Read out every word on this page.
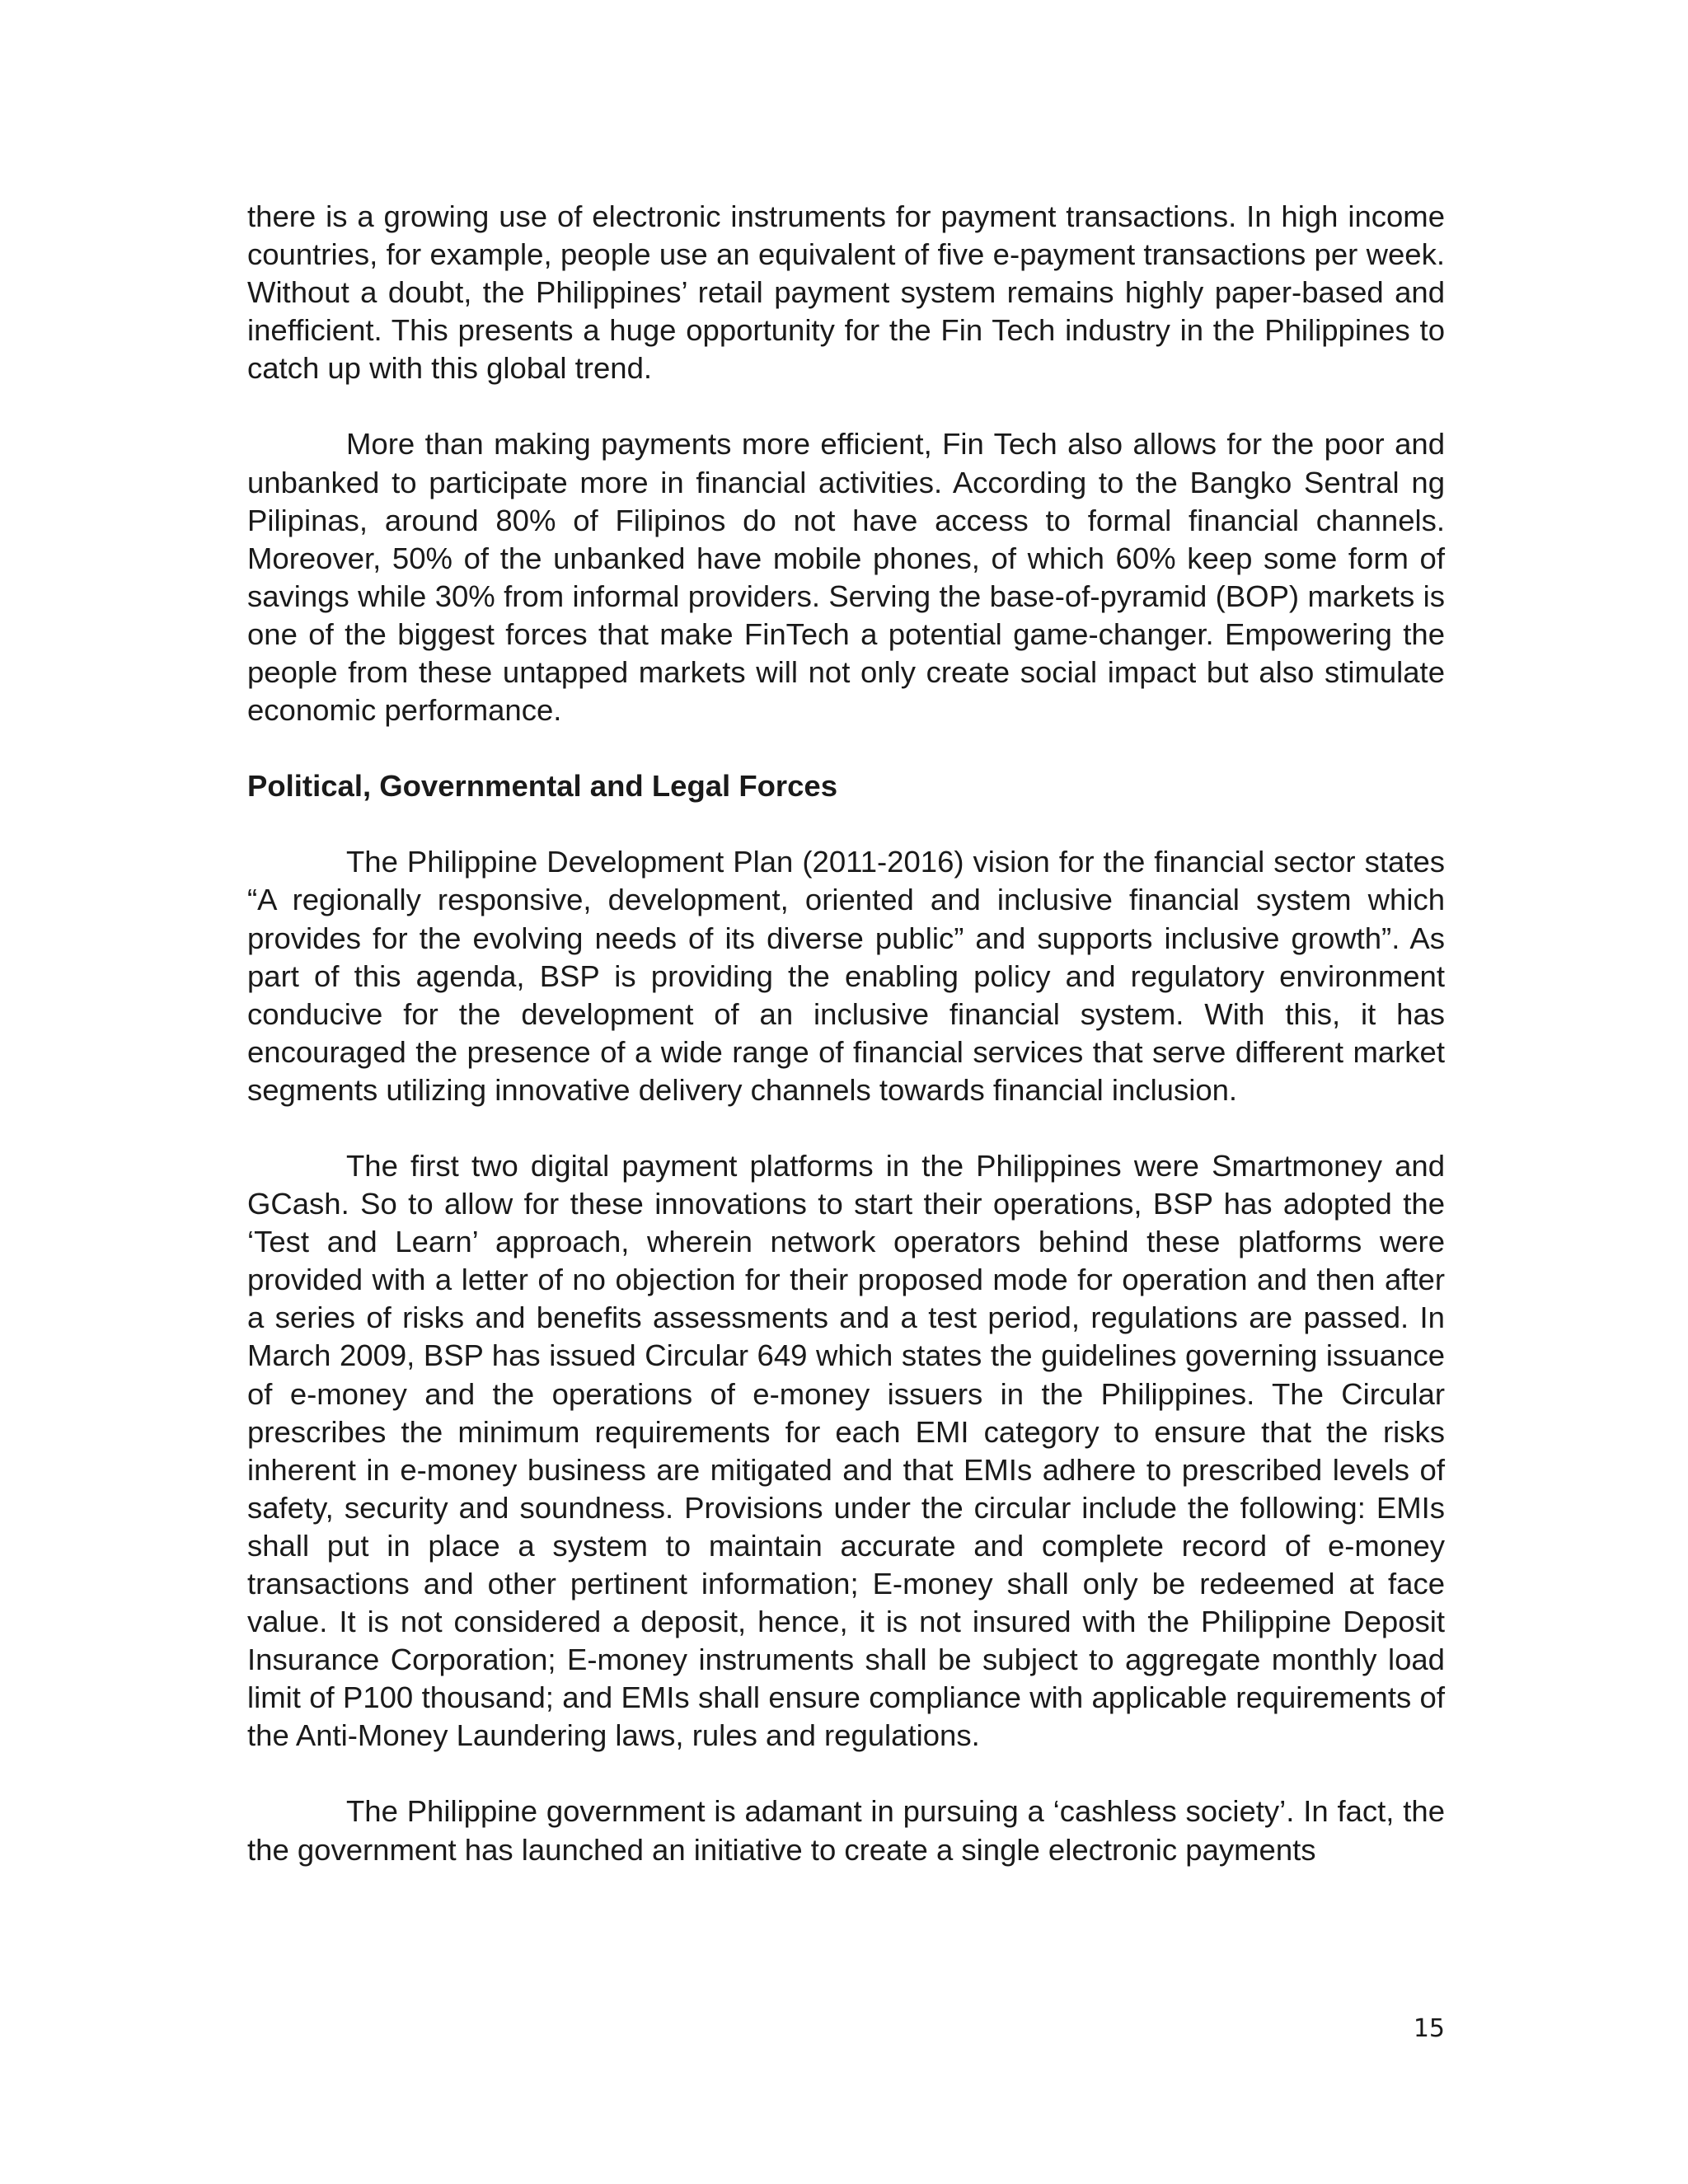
there is a growing use of electronic instruments for payment transactions. In high income countries, for example, people use an equivalent of five e-payment transactions per week. Without a doubt, the Philippines’ retail payment system remains highly paper-based and inefficient. This presents a huge opportunity for the Fin Tech industry in the Philippines to catch up with this global trend.

More than making payments more efficient, Fin Tech also allows for the poor and unbanked to participate more in financial activities. According to the Bangko Sentral ng Pilipinas, around 80% of Filipinos do not have access to formal financial channels. Moreover, 50% of the unbanked have mobile phones, of which 60% keep some form of savings while 30% from informal providers. Serving the base-of-pyramid (BOP) markets is one of the biggest forces that make FinTech a potential game-changer. Empowering the people from these untapped markets will not only create social impact but also stimulate economic performance.

Political, Governmental and Legal Forces

The Philippine Development Plan (2011-2016) vision for the financial sector states “A regionally responsive, development, oriented and inclusive financial system which provides for the evolving needs of its diverse public” and supports inclusive growth”. As part of this agenda, BSP is providing the enabling policy and regulatory environment conducive for the development of an inclusive financial system. With this, it has encouraged the presence of a wide range of financial services that serve different market segments utilizing innovative delivery channels towards financial inclusion.

The first two digital payment platforms in the Philippines were Smartmoney and GCash. So to allow for these innovations to start their operations, BSP has adopted the ‘Test and Learn’ approach, wherein network operators behind these platforms were provided with a letter of no objection for their proposed mode for operation and then after a series of risks and benefits assessments and a test period, regulations are passed. In March 2009, BSP has issued Circular 649 which states the guidelines governing issuance of e-money and the operations of e-money issuers in the Philippines. The Circular prescribes the minimum requirements for each EMI category to ensure that the risks inherent in e-money business are mitigated and that EMIs adhere to prescribed levels of safety, security and soundness. Provisions under the circular include the following: EMIs shall put in place a system to maintain accurate and complete record of e-money transactions and other pertinent information; E-money shall only be redeemed at face value. It is not considered a deposit, hence, it is not insured with the Philippine Deposit Insurance Corporation; E-money instruments shall be subject to aggregate monthly load limit of P100 thousand; and EMIs shall ensure compliance with applicable requirements of the Anti-Money Laundering laws, rules and regulations.

The Philippine government is adamant in pursuing a ‘cashless society’. In fact, the the government has launched an initiative to create a single electronic payments

15
